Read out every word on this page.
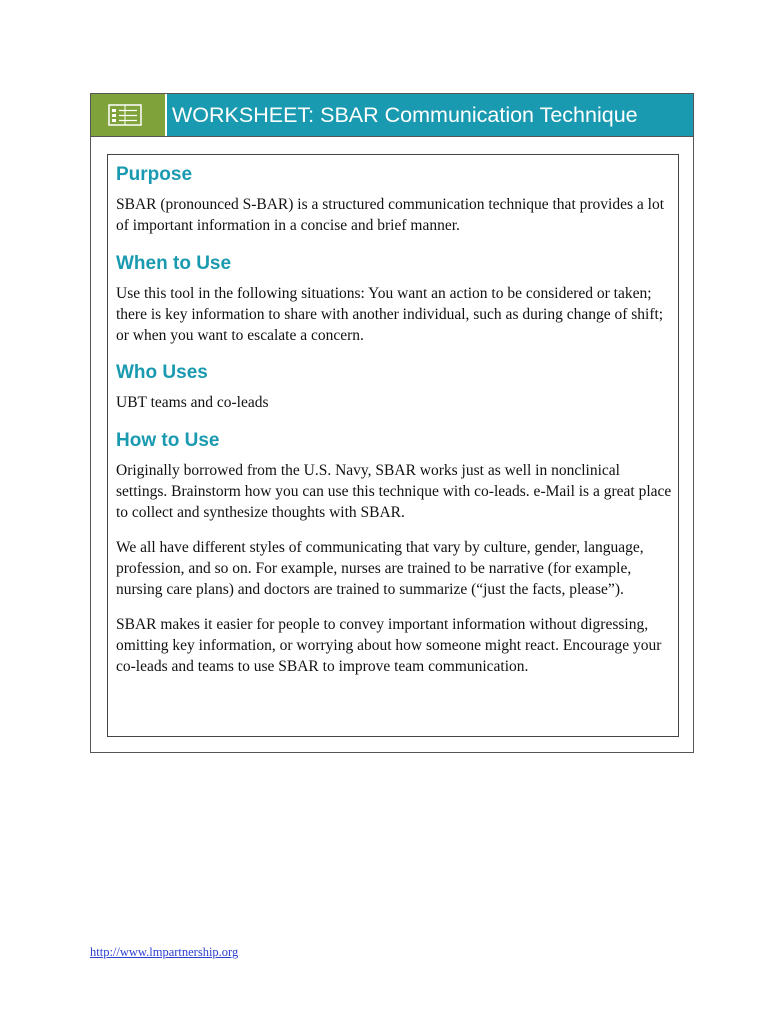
WORKSHEET: SBAR Communication Technique
Purpose

SBAR (pronounced S-BAR) is a structured communication technique that provides a lot of important information in a concise and brief manner.

When to Use

Use this tool in the following situations: You want an action to be considered or taken; there is key information to share with another individual, such as during change of shift; or when you want to escalate a concern.

Who Uses

UBT teams and co-leads

How to Use

Originally borrowed from the U.S. Navy, SBAR works just as well in nonclinical settings. Brainstorm how you can use this technique with co-leads. e-Mail is a great place to collect and synthesize thoughts with SBAR.

We all have different styles of communicating that vary by culture, gender, language, profession, and so on. For example, nurses are trained to be narrative (for example, nursing care plans) and doctors are trained to summarize (“just the facts, please”).

SBAR makes it easier for people to convey important information without digressing, omitting key information, or worrying about how someone might react. Encourage your co-leads and teams to use SBAR to improve team communication.

http://www.lmpartnership.org
